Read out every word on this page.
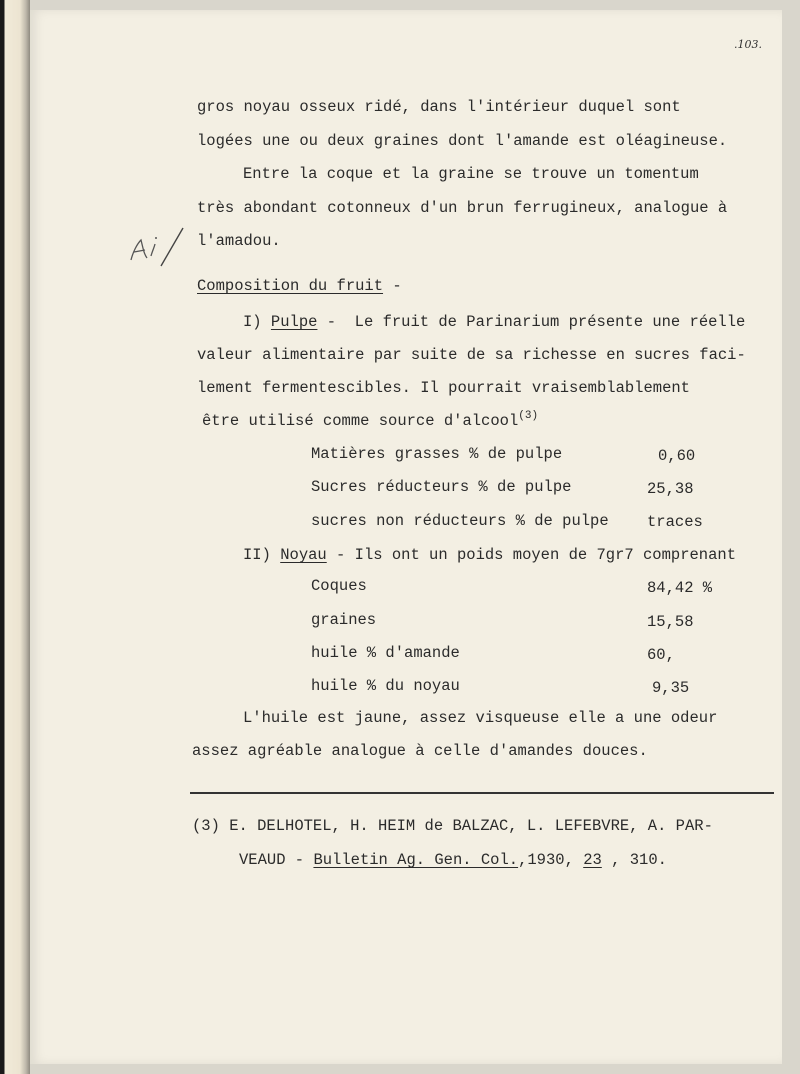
.103.
gros noyau osseux ridé, dans l'intérieur duquel sont
logées une ou deux graines dont l'amande est oléagineuse.
Entre la coque et la graine se trouve un tomentum
très abondant cotonneux d'un brun ferrugineux, analogue à
l'amadou.
Composition du fruit -
I) Pulpe - Le fruit de Parinarium présente une réelle
valeur alimentaire par suite de sa richesse en sucres faci-
lement fermentescibles. Il pourrait vraisemblablement
être utilisé comme source d'alcool$^{(3)}$
Matières grasses % de pulpe	0,60
Sucres réducteurs % de pulpe	25,38
sucres non réducteurs % de pulpe traces
II) Noyau - Ils ont un poids moyen de 7gr7 comprenant
Coques	84,42 %
graines	15,58
huile % d'amande	60,
huile % du noyau	9,35
L'huile est jaune, assez visqueuse elle a une odeur
assez agréable analogue à celle d'amandes douces.
(3) E. DELHOTEL, H. HEIM de BALZAC, L. LEFEBVRE, A. PAR-
VEAUD - Bulletin Ag. Gen. Col.,1930, 23 , 310.
